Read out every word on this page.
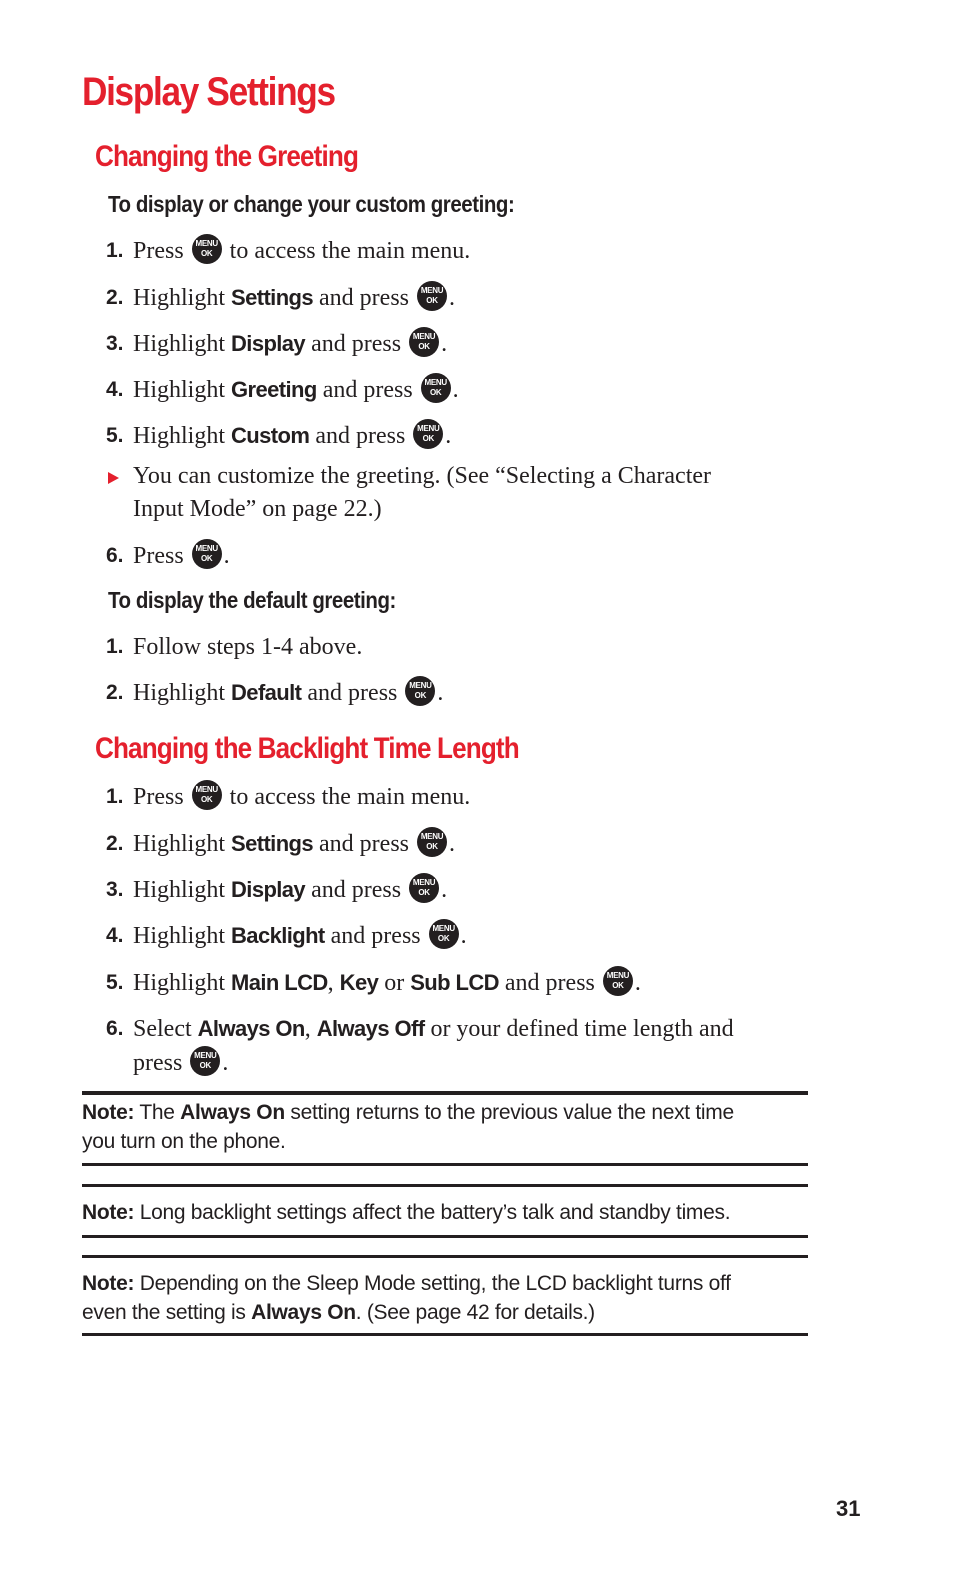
Display Settings
Changing the Greeting
To display or change your custom greeting:
1. Press	MENU
OK to access the main menu.
2. Highlight Settings and press	MENU
OK .
3. Highlight Display and press	MENU
OK .
4. Highlight Greeting and press	MENU
OK .
5. Highlight Custom and press	MENU
OK .
You can customize the greeting. (See “Selecting a Character
Input Mode” on page 22.)
6. Press	MENU
OK .
To display the default greeting:
1. Follow steps 1-4 above.
2. Highlight Default and press	MENU
OK .
Changing the Backlight Time Length
1. Press	MENU
OK to access the main menu.
2. Highlight Settings and press	MENU
OK .
3. Highlight Display and press	MENU
OK .
4. Highlight Backlight and press	MENU
OK .
5. Highlight Main LCD, Key or Sub LCD and press	MENU
OK .
6. Select Always On, Always Off or your defined time length and
press	MENU
OK .
Note: The Always On setting returns to the previous value the next time
you turn on the phone.
Note: Long backlight settings affect the battery’s talk and standby times.
Note: Depending on the Sleep Mode setting, the LCD backlight turns off
even the setting is Always On. (See page 42 for details.)
31
